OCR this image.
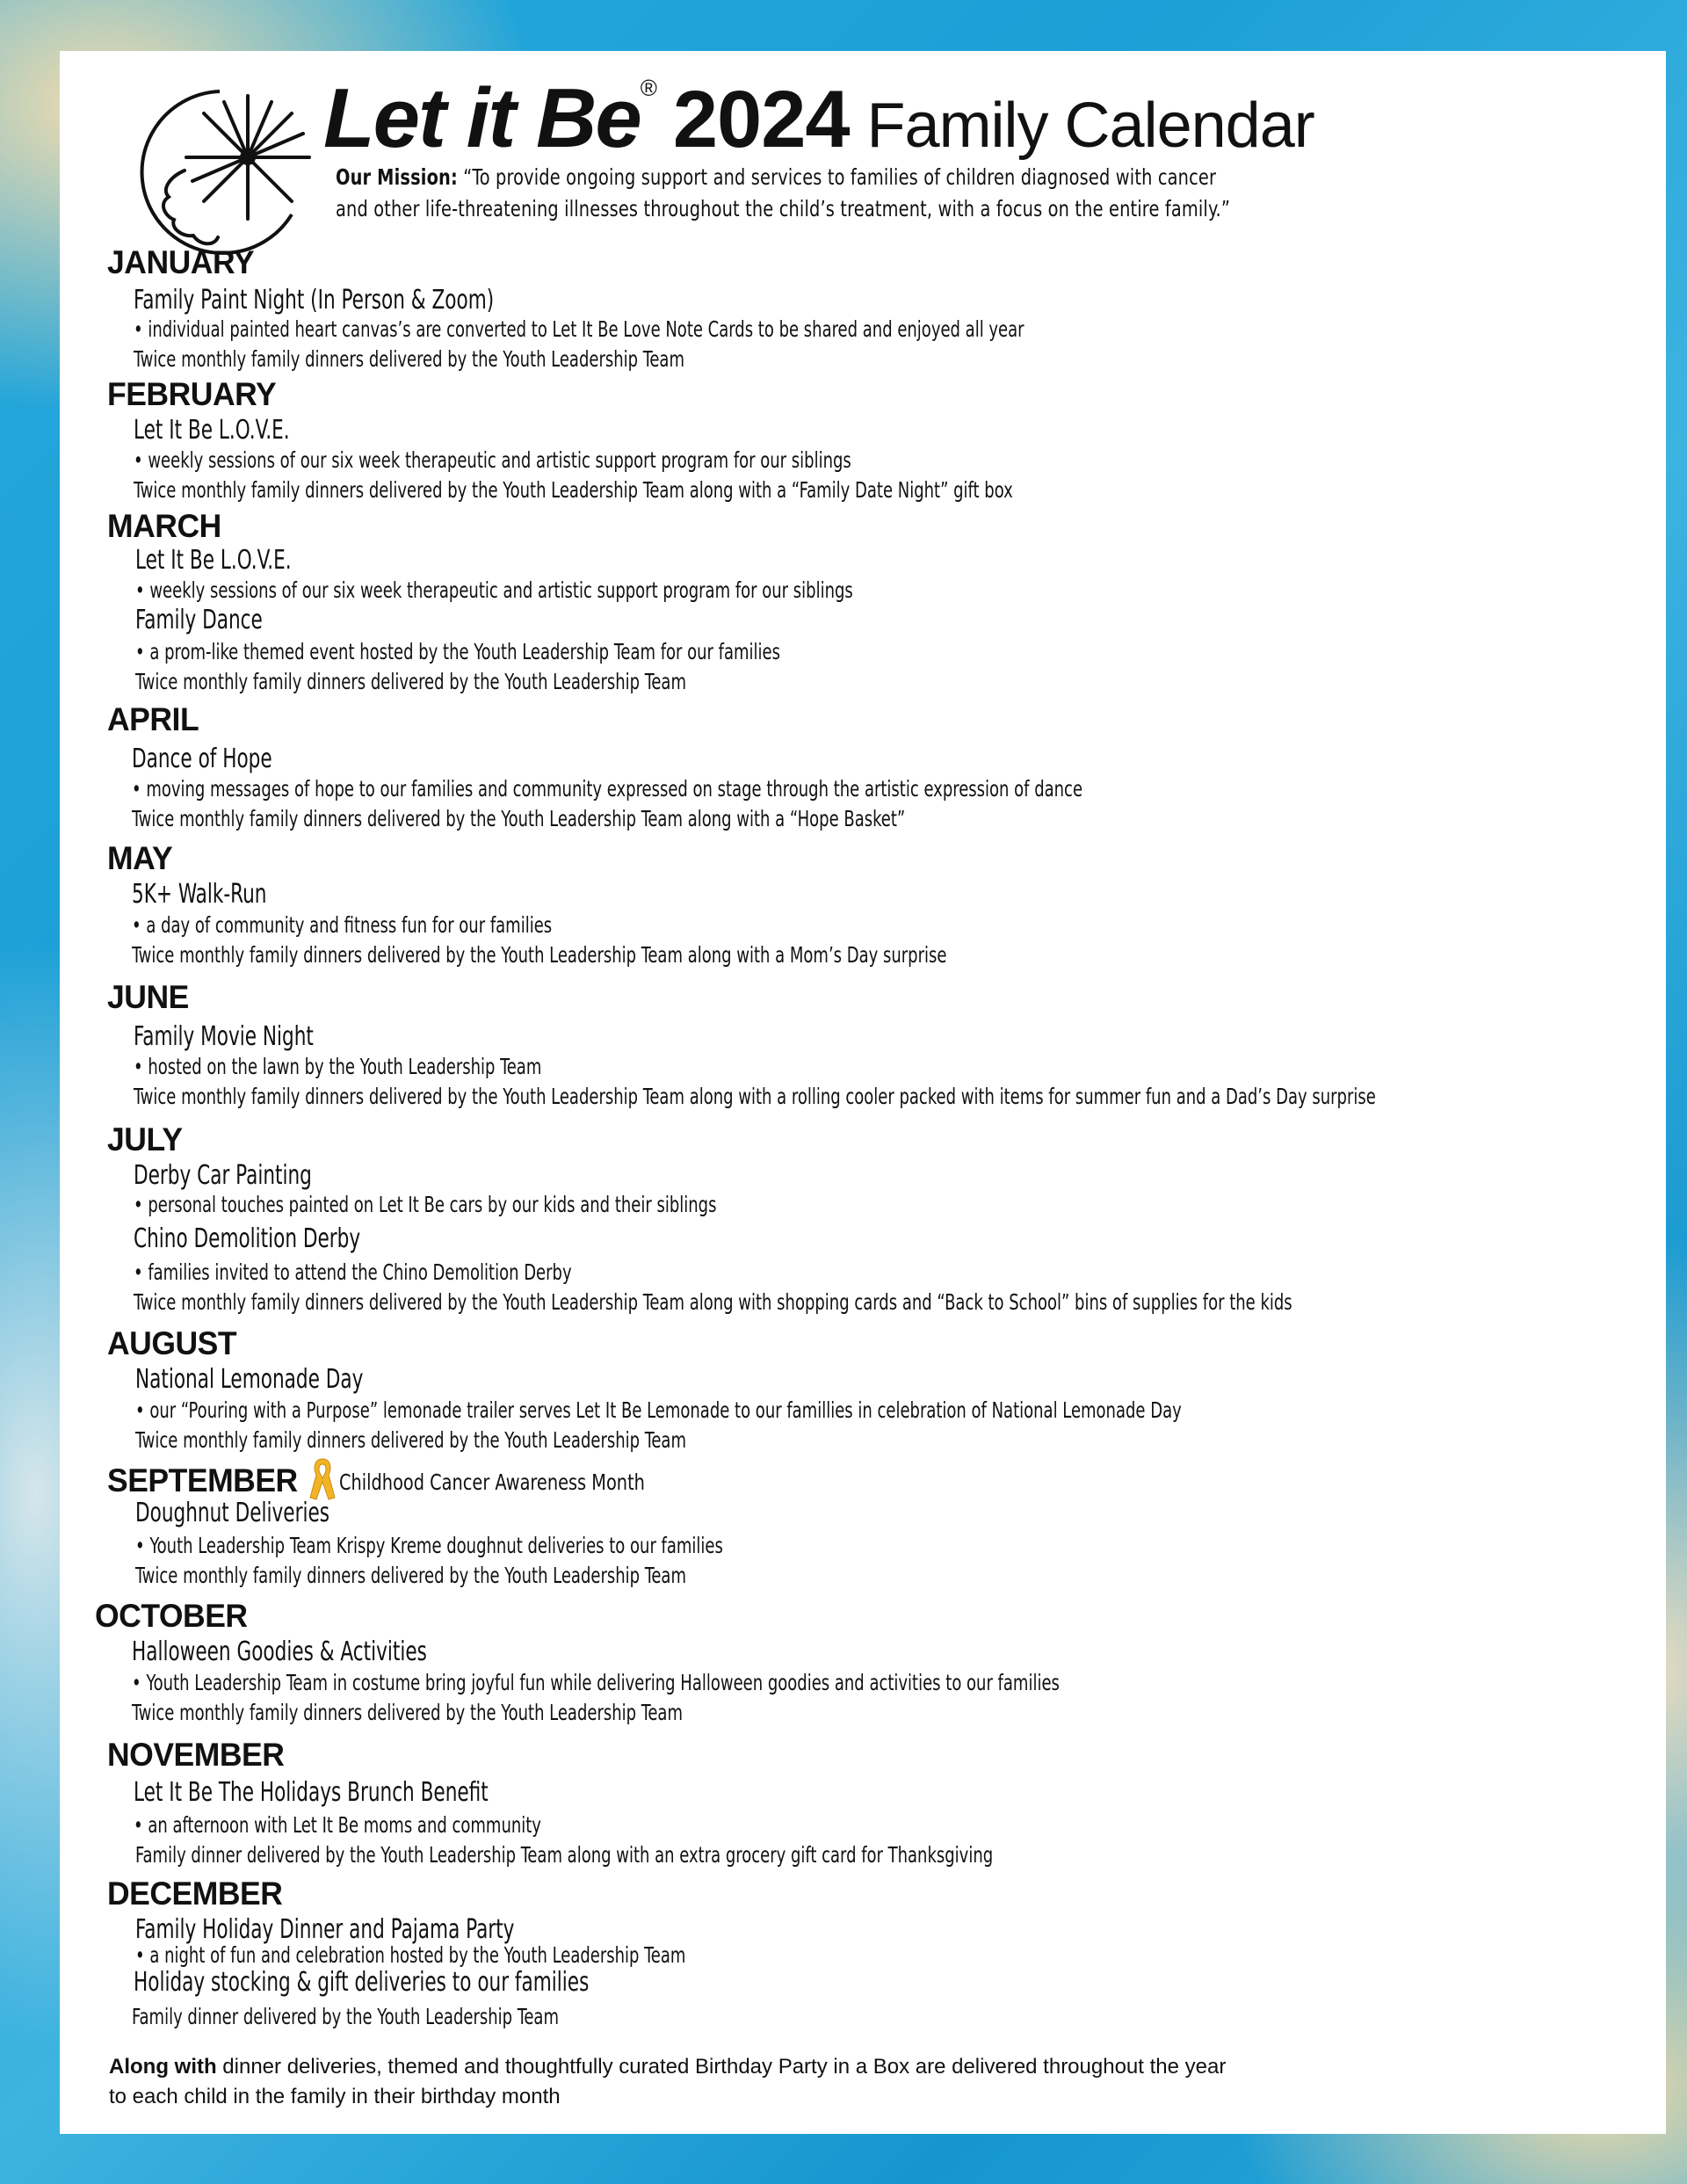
Let it Be® 2024 Family Calendar
Our Mission: “To provide ongoing support and services to families of children diagnosed with cancer
and other life-threatening illnesses throughout the child’s treatment, with a focus on the entire family.”
JANUARY
Family Paint Night (In Person & Zoom)
• individual painted heart canvas’s are converted to Let It Be Love Note Cards to be shared and enjoyed all year
Twice monthly family dinners delivered by the Youth Leadership Team
FEBRUARY
Let It Be L.O.V.E.
• weekly sessions of our six week therapeutic and artistic support program for our siblings
Twice monthly family dinners delivered by the Youth Leadership Team along with a “Family Date Night” gift box
MARCH
Let It Be L.O.V.E.
• weekly sessions of our six week therapeutic and artistic support program for our siblings
Family Dance
• a prom-like themed event hosted by the Youth Leadership Team for our families
Twice monthly family dinners delivered by the Youth Leadership Team
APRIL
Dance of Hope
• moving messages of hope to our families and community expressed on stage through the artistic expression of dance
Twice monthly family dinners delivered by the Youth Leadership Team along with a “Hope Basket”
MAY
5K+ Walk-Run
• a day of community and fitness fun for our families
Twice monthly family dinners delivered by the Youth Leadership Team along with a Mom’s Day surprise
JUNE
Family Movie Night
• hosted on the lawn by the Youth Leadership Team
Twice monthly family dinners delivered by the Youth Leadership Team along with a rolling cooler packed with items for summer fun and a Dad’s Day surprise
JULY
Derby Car Painting
• personal touches painted on Let It Be cars by our kids and their siblings
Chino Demolition Derby
• families invited to attend the Chino Demolition Derby
Twice monthly family dinners delivered by the Youth Leadership Team along with shopping cards and “Back to School” bins of supplies for the kids
AUGUST
National Lemonade Day
• our “Pouring with a Purpose” lemonade trailer serves Let It Be Lemonade to our famillies in celebration of National Lemonade Day
Twice monthly family dinners delivered by the Youth Leadership Team
SEPTEMBER Childhood Cancer Awareness Month
Doughnut Deliveries
• Youth Leadership Team Krispy Kreme doughnut deliveries to our families
Twice monthly family dinners delivered by the Youth Leadership Team
OCTOBER
Halloween Goodies & Activities
• Youth Leadership Team in costume bring joyful fun while delivering Halloween goodies and activities to our families
Twice monthly family dinners delivered by the Youth Leadership Team
NOVEMBER
Let It Be The Holidays Brunch Benefit
• an afternoon with Let It Be moms and community
Family dinner delivered by the Youth Leadership Team along with an extra grocery gift card for Thanksgiving
DECEMBER
Family Holiday Dinner and Pajama Party
• a night of fun and celebration hosted by the Youth Leadership Team
Holiday stocking & gift deliveries to our families
Family dinner delivered by the Youth Leadership Team
Along with dinner deliveries, themed and thoughtfully curated Birthday Party in a Box are delivered throughout the year
to each child in the family in their birthday month
